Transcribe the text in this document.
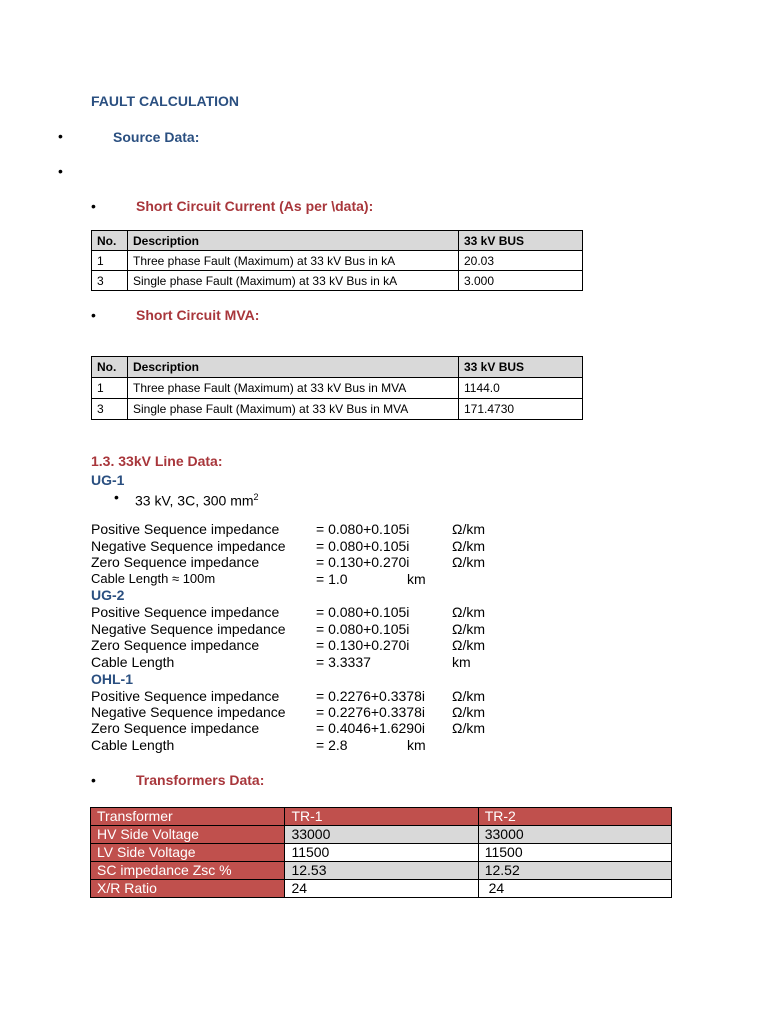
FAULT CALCULATION
•	Source Data:
•
•	Short Circuit Current (As per \data):
No.	Description	33 kV BUS
1	Three phase Fault (Maximum) at 33 kV Bus in kA	20.03
3	Single phase Fault (Maximum) at 33 kV Bus in kA	3.000
•	Short Circuit MVA:
No.	Description	33 kV BUS
1	Three phase Fault (Maximum) at 33 kV Bus in MVA	1144.0
3	Single phase Fault (Maximum) at 33 kV Bus in MVA	171.4730
1.3. 33kV Line Data:
UG-1
• 33 kV, 3C, 300 $mm^2$
Positive Sequence impedance	= 0.080+0.105i	Ω/km
Negative Sequence impedance = 0.080+0.105i	Ω/km
Zero Sequence impedance	= 0.130+0.270i	Ω/km
Cable Length ≈ 100m	= 1.0	km
UG-2
Positive Sequence impedance	= 0.080+0.105i	Ω/km
Negative Sequence impedance = 0.080+0.105i	Ω/km
Zero Sequence impedance	= 0.130+0.270i	Ω/km
Cable Length	= 3.3337	km
OHL-1
Positive Sequence impedance	= 0.2276+0.3378i Ω/km
Negative Sequence impedance = 0.2276+0.3378i Ω/km
Zero Sequence impedance	= 0.4046+1.6290i Ω/km
Cable Length	= 2.8	km
•	Transformers Data:
Transformer	TR-1	TR-2
HV Side Voltage	33000	33000
LV Side Voltage	11500	11500
SC impedance Zsc %	12.53	12.52
X/R Ratio	24	24
